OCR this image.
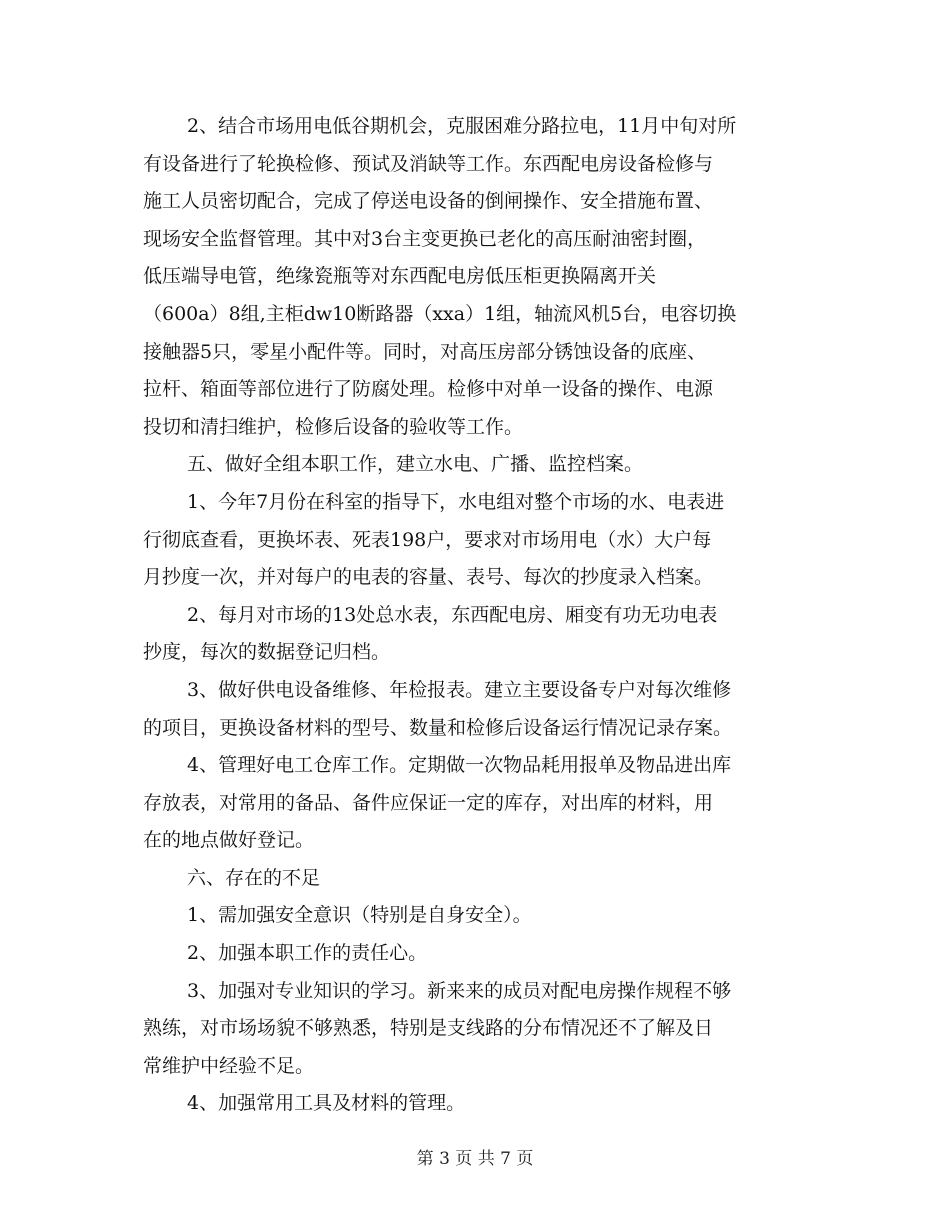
2、结合市场用电低谷期机会，克服困难分路拉电，11月中旬对所
有设备进行了轮换检修、预试及消缺等工作。东西配电房设备检修与
施工人员密切配合，完成了停送电设备的倒闸操作、安全措施布置、
现场安全监督管理。其中对3台主变更换已老化的高压耐油密封圈，
低压端导电管，绝缘瓷瓶等对东西配电房低压柜更换隔离开关
（600a）8组,主柜dw10断路器（xxa）1组，轴流风机5台，电容切换
接触器5只，零星小配件等。同时，对高压房部分锈蚀设备的底座、
拉杆、箱面等部位进行了防腐处理。检修中对单一设备的操作、电源
投切和清扫维护，检修后设备的验收等工作。
五、做好全组本职工作，建立水电、广播、监控档案。
1、今年7月份在科室的指导下，水电组对整个市场的水、电表进
行彻底查看，更换坏表、死表198户，要求对市场用电（水）大户每
月抄度一次，并对每户的电表的容量、表号、每次的抄度录入档案。
2、每月对市场的13处总水表，东西配电房、厢变有功无功电表
抄度，每次的数据登记归档。
3、做好供电设备维修、年检报表。建立主要设备专户对每次维修
的项目，更换设备材料的型号、数量和检修后设备运行情况记录存案。
4、管理好电工仓库工作。定期做一次物品耗用报单及物品进出库
存放表，对常用的备品、备件应保证一定的库存，对出库的材料，用
在的地点做好登记。
六、存在的不足
1、需加强安全意识（特别是自身安全）。
2、加强本职工作的责任心。
3、加强对专业知识的学习。新来来的成员对配电房操作规程不够
熟练，对市场场貌不够熟悉，特别是支线路的分布情况还不了解及日
常维护中经验不足。
4、加强常用工具及材料的管理。
第 3 页 共 7 页
